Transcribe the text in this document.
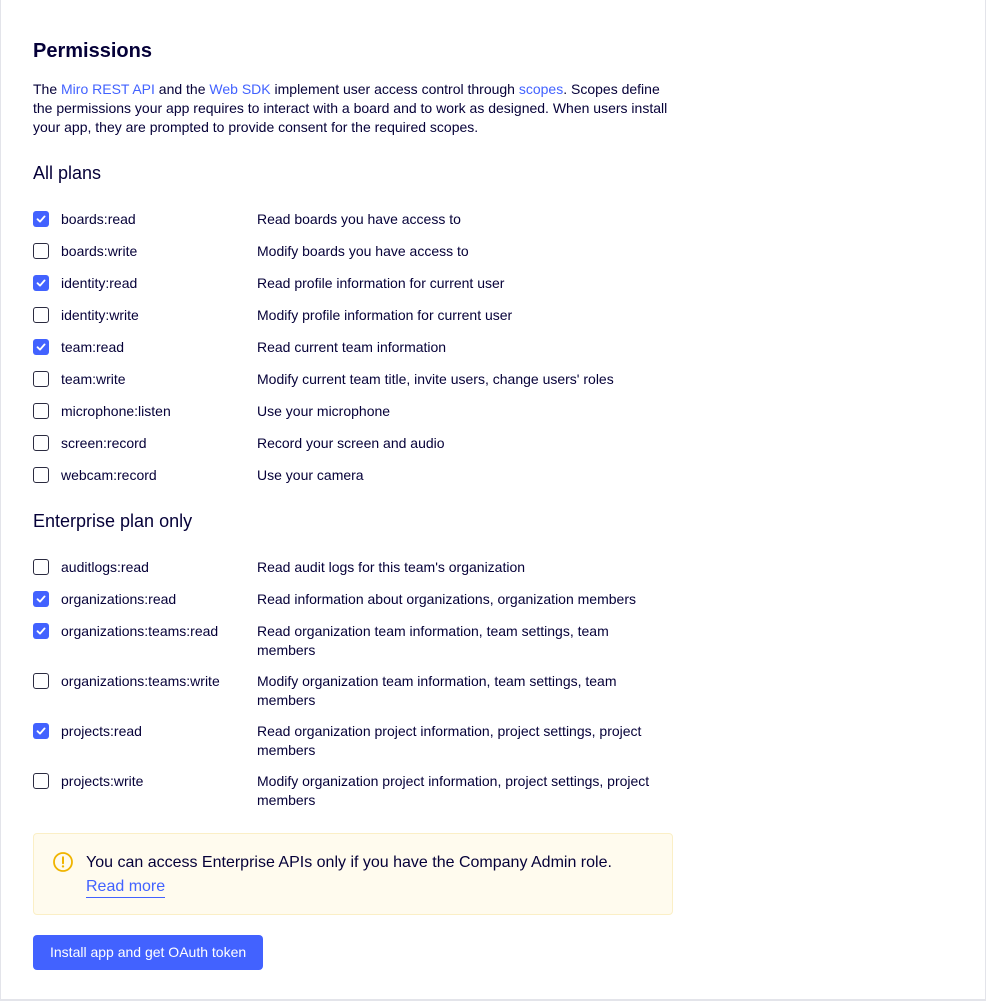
Permissions

The Miro REST API and the Web SDK implement user access control through scopes. Scopes define the permissions your app requires to interact with a board and to work as designed. When users install your app, they are prompted to provide consent for the required scopes.

All plans
boards:read	Read boards you have access to
boards:write	Modify boards you have access to
identity:read	Read profile information for current user
identity:write	Modify profile information for current user
team:read	Read current team information
team:write	Modify current team title, invite users, change users' roles
microphone:listen	Use your microphone
screen:record	Record your screen and audio
webcam:record	Use your camera
Enterprise plan only
auditlogs:read	Read audit logs for this team's organization
organizations:read	Read information about organizations, organization members
organizations:teams:read	Read organization team information, team settings, team members
organizations:teams:write	Modify organization team information, team settings, team members
projects:read	Read organization project information, project settings, project members
projects:write	Modify organization project information, project settings, project members
You can access Enterprise APIs only if you have the Company Admin role.
Read more
Install app and get OAuth token
